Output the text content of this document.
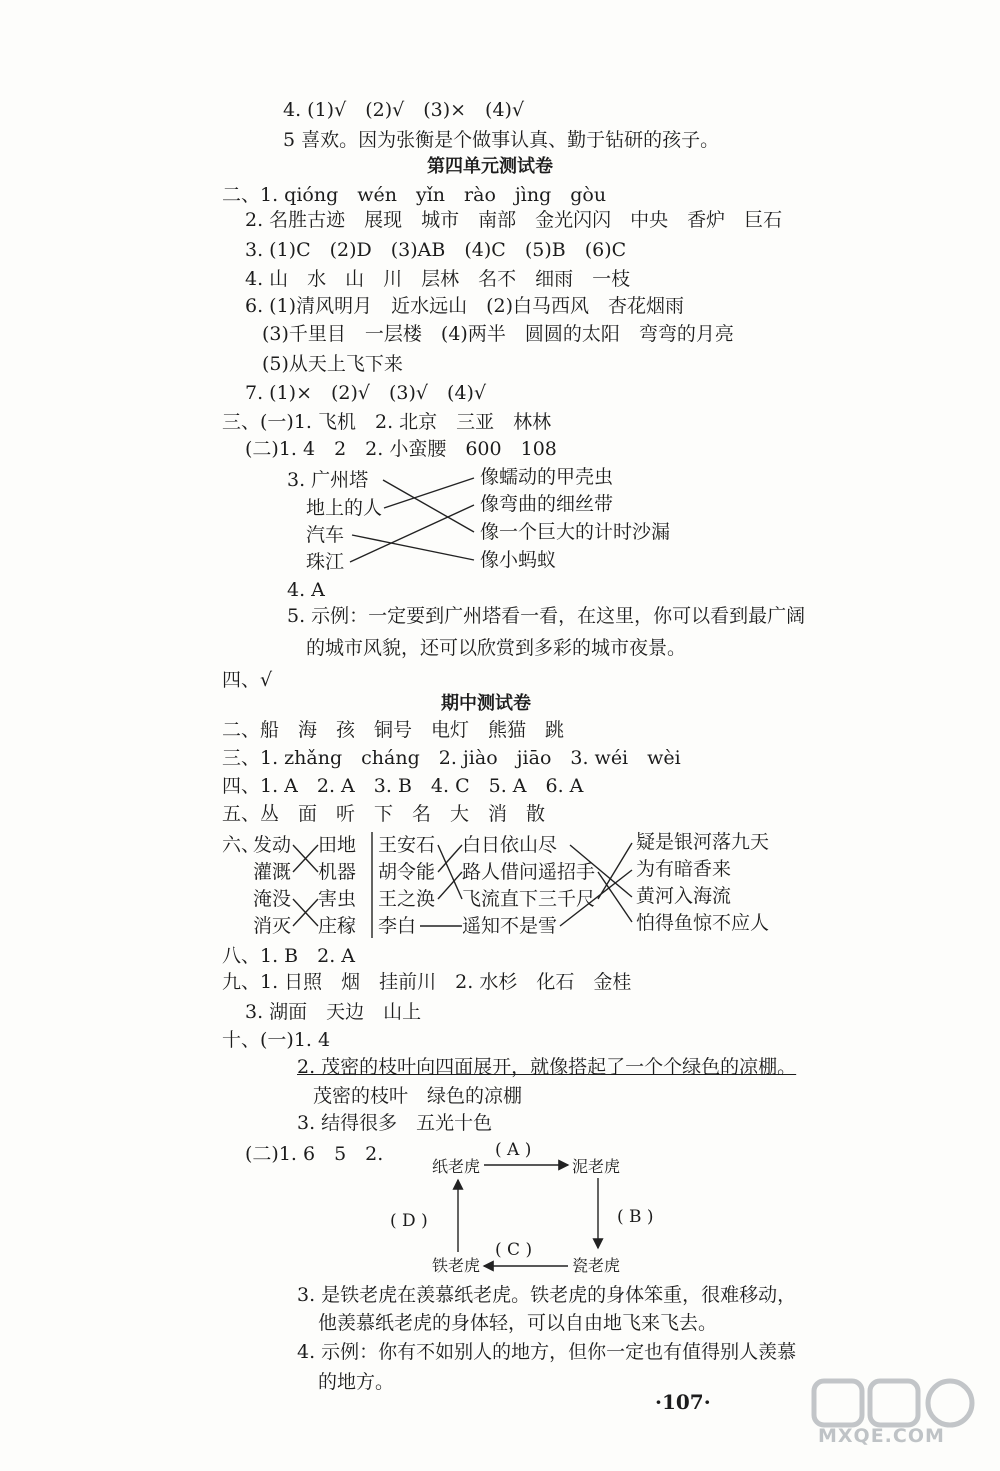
4. (1)√　(2)√　(3)×　(4)√
5 喜欢。因为张衡是个做事认真、勤于钻研的孩子。
第四单元测试卷
二、1. qióng　wén　yǐn　rào　jìng　gòu
2. 名胜古迹　展现　城市　南部　金光闪闪　中央　香炉　巨石
3. (1)C　(2)D　(3)AB　(4)C　(5)B　(6)C
4. 山　水　山　川　层林　名不　细雨　一枝
6. (1)清风明月　近水远山　(2)白马西风　杏花烟雨
(3)千里目　一层楼　(4)两半　圆圆的太阳　弯弯的月亮
(5)从天上飞下来
7. (1)×　(2)√　(3)√　(4)√
三、(一)1. 飞机　2. 北京　三亚　林林
(二)1. 4　2　2. 小蛮腰　600　108
3. 广州塔
地上的人
汽车
珠江
像蠕动的甲壳虫
像弯曲的细丝带
像一个巨大的计时沙漏
像小蚂蚁
4. A
5. 示例：一定要到广州塔看一看，在这里，你可以看到最广阔
的城市风貌，还可以欣赏到多彩的城市夜景。
四、√
期中测试卷
二、船　海　孩　铜号　电灯　熊猫　跳
三、1. zhǎng　cháng　2. jiào　jiāo　3. wéi　wèi
四、1. A　2. A　3. B　4. C　5. A　6. A
五、丛　面　听　下　名　大　消　散
六、
发动
灌溉
淹没
消灭
田地
机器
害虫
庄稼
王安石
胡令能
王之涣
李白
白日依山尽
路人借问遥招手
飞流直下三千尺
遥知不是雪
疑是银河落九天
为有暗香来
黄河入海流
怕得鱼惊不应人
八、1. B　2. A
九、1. 日照　烟　挂前川　2. 水杉　化石　金桂
3. 湖面　天边　山上
十、(一)1. 4
2. 茂密的枝叶向四面展开，就像搭起了一个个绿色的凉棚。
茂密的枝叶　绿色的凉棚
3. 结得很多　五光十色
(二)1. 6　5　2.
纸老虎	泥老虎
铁老虎	瓷老虎
( A )
( B )
( C )
( D )
3. 是铁老虎在羡慕纸老虎。铁老虎的身体笨重，很难移动，
他羡慕纸老虎的身体轻，可以自由地飞来飞去。
4. 示例：你有不如别人的地方，但你一定也有值得别人羡慕
的地方。
·107·
MXQE.COM
